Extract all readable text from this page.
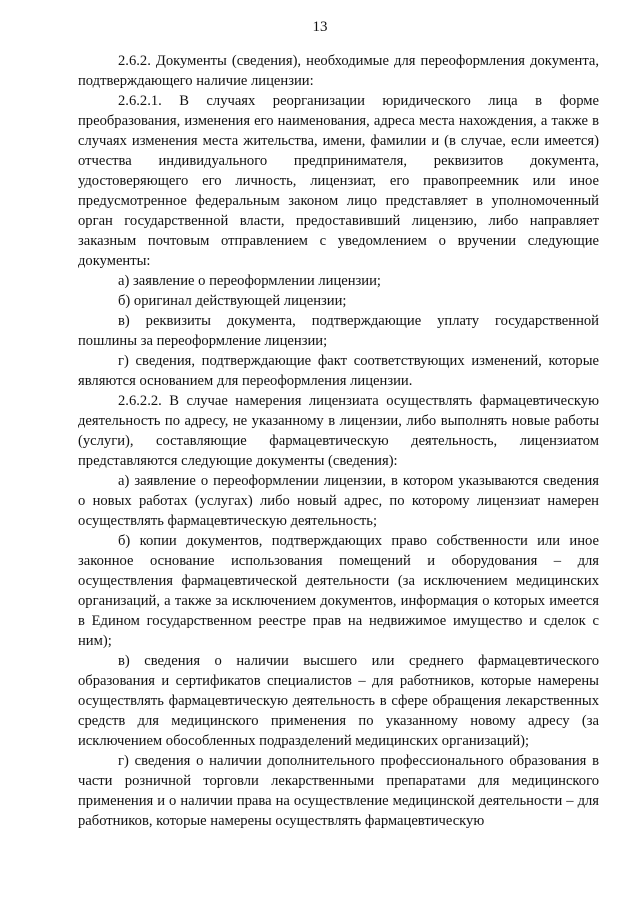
13

2.6.2. Документы (сведения), необходимые для переоформления документа, подтверждающего наличие лицензии:

2.6.2.1. В случаях реорганизации юридического лица в форме преобразования, изменения его наименования, адреса места нахождения, а также в случаях изменения места жительства, имени, фамилии и (в случае, если имеется) отчества индивидуального предпринимателя, реквизитов документа, удостоверяющего его личность, лицензиат, его правопреемник или иное предусмотренное федеральным законом лицо представляет в уполномоченный орган государственной власти, предоставивший лицензию, либо направляет заказным почтовым отправлением с уведомлением о вручении следующие документы:

а) заявление о переоформлении лицензии;

б) оригинал действующей лицензии;

в) реквизиты документа, подтверждающие уплату государственной пошлины за переоформление лицензии;

г) сведения, подтверждающие факт соответствующих изменений, которые являются основанием для переоформления лицензии.

2.6.2.2. В случае намерения лицензиата осуществлять фармацевтическую деятельность по адресу, не указанному в лицензии, либо выполнять новые работы (услуги), составляющие фармацевтическую деятельность, лицензиатом представляются следующие документы (сведения):

а) заявление о переоформлении лицензии, в котором указываются сведения о новых работах (услугах) либо новый адрес, по которому лицензиат намерен осуществлять фармацевтическую деятельность;

б) копии документов, подтверждающих право собственности или иное законное основание использования помещений и оборудования – для осуществления фармацевтической деятельности (за исключением медицинских организаций, а также за исключением документов, информация о которых имеется в Едином государственном реестре прав на недвижимое имущество и сделок с ним);

в) сведения о наличии высшего или среднего фармацевтического образования и сертификатов специалистов – для работников, которые намерены осуществлять фармацевтическую деятельность в сфере обращения лекарственных средств для медицинского применения по указанному новому адресу (за исключением обособленных подразделений медицинских организаций);

г) сведения о наличии дополнительного профессионального образования в части розничной торговли лекарственными препаратами для медицинского применения и о наличии права на осуществление медицинской деятельности – для работников, которые намерены осуществлять фармацевтическую
